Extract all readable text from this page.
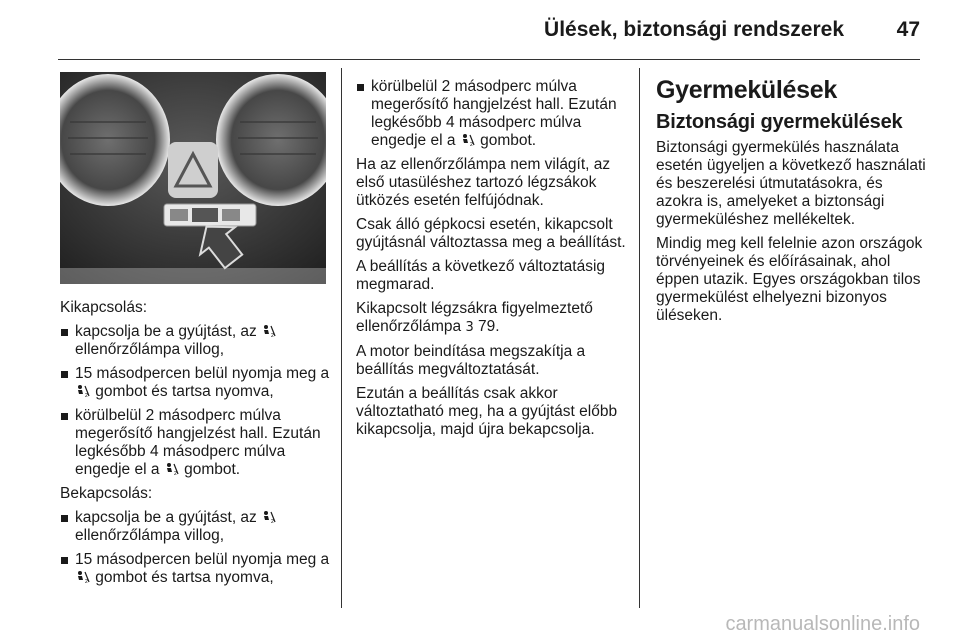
Ülések, biztonsági rendszerek	47

Kikapcsolás:

kapcsolja be a gyújtást, az 2
ellenőrzőlámpa villog,
15 másodpercen belül nyomja meg a
2 gombot és tartsa nyomva,
körülbelül 2 másodperc múlva megerősítő hangjelzést hall. Ezután legkésőbb 4 másodperc múlva engedje el a 2 gombot.

Bekapcsolás:

kapcsolja be a gyújtást, az 2
ellenőrzőlámpa villog,
15 másodpercen belül nyomja meg a
2 gombot és tartsa nyomva,
körülbelül 2 másodperc múlva megerősítő hangjelzést hall. Ezután legkésőbb 4 másodperc múlva engedje el a 2 gombot.

Ha az ellenőrzőlámpa nem világít, az első utasüléshez tartozó légzsákok ütközés esetén felfújódnak.

Csak álló gépkocsi esetén, kikapcsolt gyújtásnál változtassa meg a beállítást.

A beállítás a következő változtatásig megmarad.

Kikapcsolt légzsákra figyelmeztető ellenőrzőlámpa 3 79.

A motor beindítása megszakítja a beállítás megváltoztatását.

Ezután a beállítás csak akkor változtatható meg, ha a gyújtást előbb kikapcsolja, majd újra bekapcsolja.

Gyermekülések
Biztonsági gyermekülések

Biztonsági gyermekülés használata esetén ügyeljen a következő használati és beszerelési útmutatásokra, és azokra is, amelyeket a biztonsági gyermeküléshez mellékeltek.

Mindig meg kell felelnie azon országok törvényeinek és előírásainak, ahol éppen utazik. Egyes országokban tilos gyermekülést elhelyezni bizonyos üléseken.

carmanualsonline.info
